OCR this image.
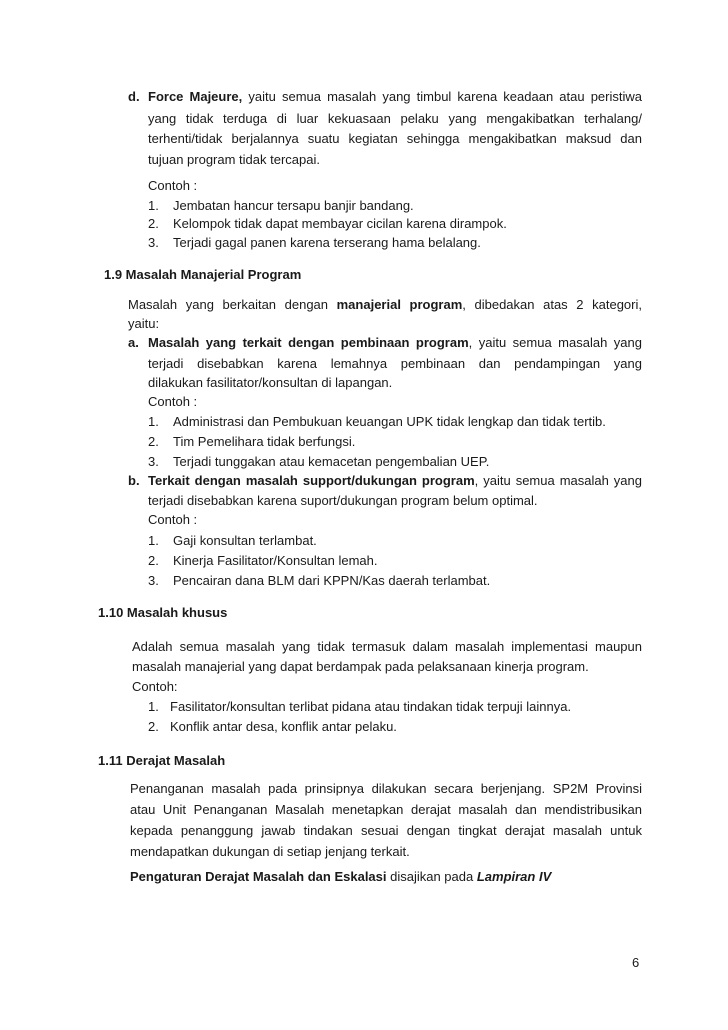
d. Force Majeure, yaitu semua masalah yang timbul karena keadaan atau peristiwa
yang tidak terduga di luar kekuasaan pelaku yang mengakibatkan terhalang/
terhenti/tidak berjalannya suatu kegiatan sehingga mengakibatkan maksud dan
tujuan program tidak tercapai.
Contoh :
1. Jembatan hancur tersapu banjir bandang.
2. Kelompok tidak dapat membayar cicilan karena dirampok.
3. Terjadi gagal panen karena terserang hama belalang.
1.9 Masalah Manajerial Program
Masalah yang berkaitan dengan manajerial program, dibedakan atas 2 kategori,
yaitu:
a. Masalah yang terkait dengan pembinaan program, yaitu semua masalah yang
terjadi disebabkan karena lemahnya pembinaan dan pendampingan yang
dilakukan fasilitator/konsultan di lapangan.
Contoh :
1. Administrasi dan Pembukuan keuangan UPK tidak lengkap dan tidak tertib.
2. Tim Pemelihara tidak berfungsi.
3. Terjadi tunggakan atau kemacetan pengembalian UEP.
b. Terkait dengan masalah support/dukungan program, yaitu semua masalah yang
terjadi disebabkan karena suport/dukungan program belum optimal.
Contoh :
1. Gaji konsultan terlambat.
2. Kinerja Fasilitator/Konsultan lemah.
3. Pencairan dana BLM dari KPPN/Kas daerah terlambat.
1.10 Masalah khusus
Adalah semua masalah yang tidak termasuk dalam masalah implementasi maupun
masalah manajerial yang dapat berdampak pada pelaksanaan kinerja program.
Contoh:
1. Fasilitator/konsultan terlibat pidana atau tindakan tidak terpuji lainnya.
2. Konflik antar desa, konflik antar pelaku.
1.11 Derajat Masalah
Penanganan masalah pada prinsipnya dilakukan secara berjenjang. SP2M Provinsi
atau Unit Penanganan Masalah menetapkan derajat masalah dan mendistribusikan
kepada penanggung jawab tindakan sesuai dengan tingkat derajat masalah untuk
mendapatkan dukungan di setiap jenjang terkait.
Pengaturan Derajat Masalah dan Eskalasi disajikan pada Lampiran IV
6
